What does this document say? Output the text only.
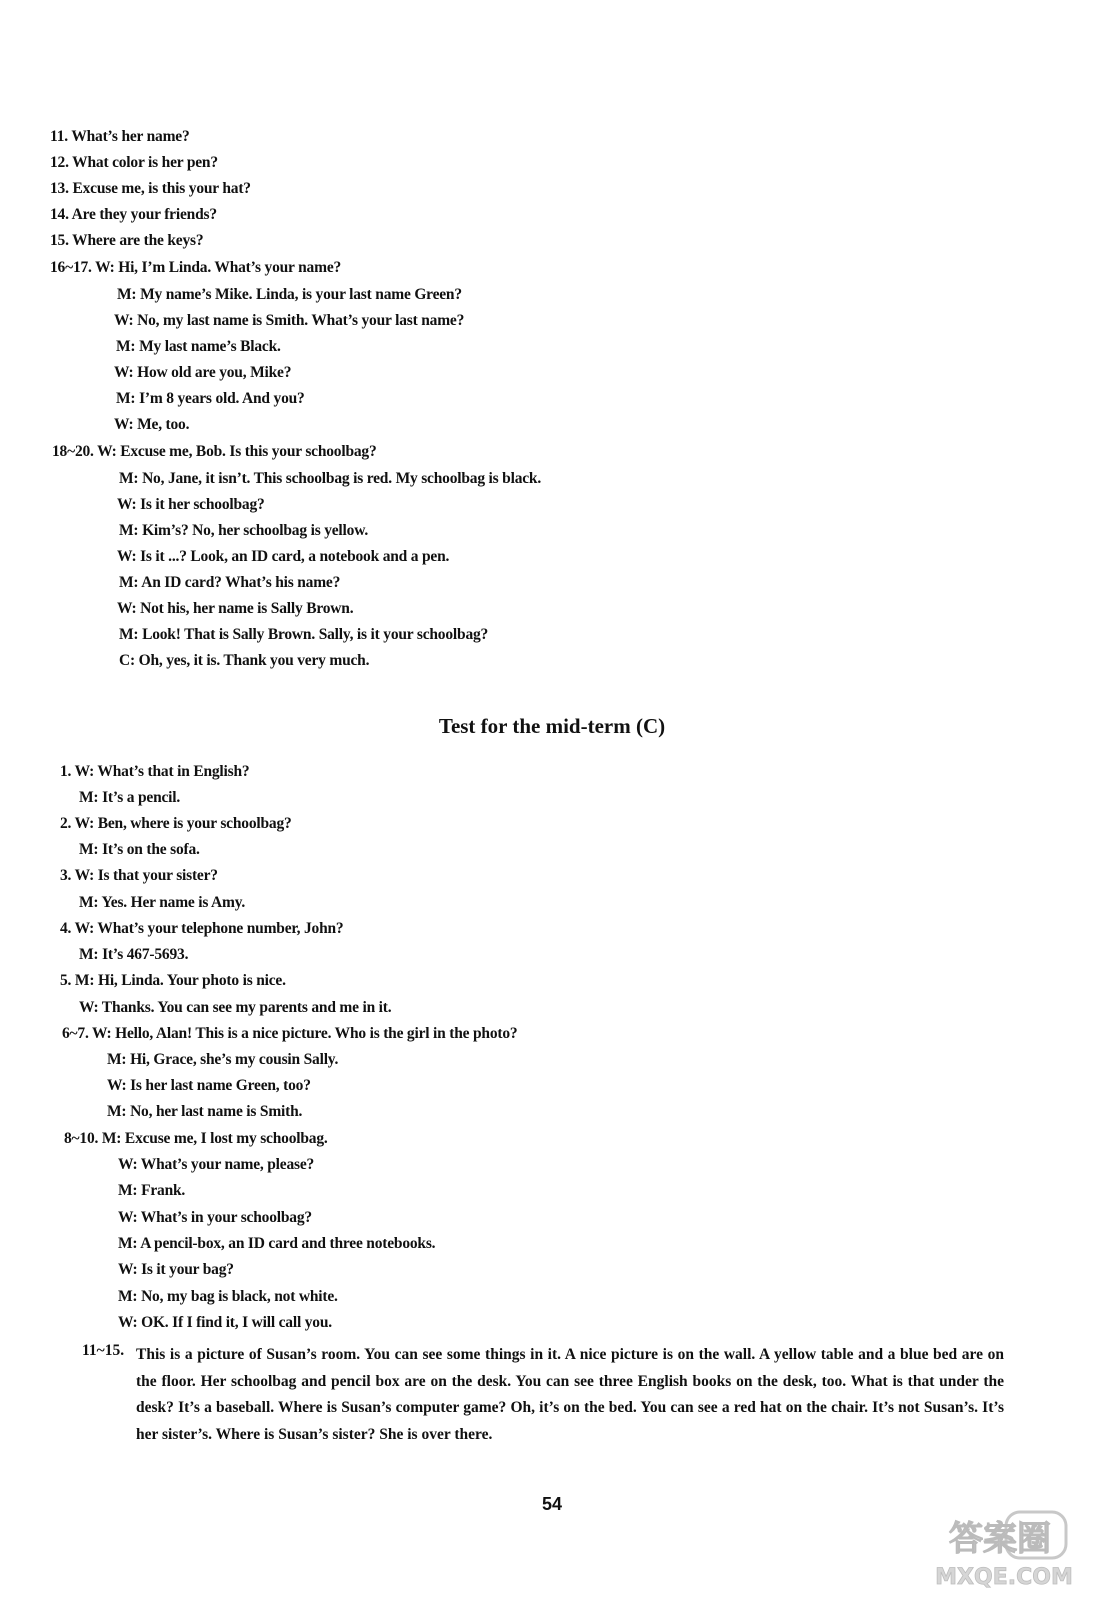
11. What’s her name?
12. What color is her pen?
13. Excuse me, is this your hat?
14. Are they your friends?
15. Where are the keys?
16~17. W: Hi, I’m Linda. What’s your name?
M: My name’s Mike. Linda, is your last name Green?
W: No, my last name is Smith. What’s your last name?
M: My last name’s Black.
W: How old are you, Mike?
M: I’m 8 years old. And you?
W: Me, too.
18~20. W: Excuse me, Bob. Is this your schoolbag?
M: No, Jane, it isn’t. This schoolbag is red. My schoolbag is black.
W: Is it her schoolbag?
M: Kim’s? No, her schoolbag is yellow.
W: Is it ...? Look, an ID card, a notebook and a pen.
M: An ID card? What’s his name?
W: Not his, her name is Sally Brown.
M: Look! That is Sally Brown. Sally, is it your schoolbag?
C: Oh, yes, it is. Thank you very much.
Test for the mid-term (C)
1. W: What’s that in English?
M: It’s a pencil.
2. W: Ben, where is your schoolbag?
M: It’s on the sofa.
3. W: Is that your sister?
M: Yes. Her name is Amy.
4. W: What’s your telephone number, John?
M: It’s 467-5693.
5. M: Hi, Linda. Your photo is nice.
W: Thanks. You can see my parents and me in it.
6~7. W: Hello, Alan! This is a nice picture. Who is the girl in the photo?
M: Hi, Grace, she’s my cousin Sally.
W: Is her last name Green, too?
M: No, her last name is Smith.
8~10. M: Excuse me, I lost my schoolbag.
W: What’s your name, please?
M: Frank.
W: What’s in your schoolbag?
M: A pencil-box, an ID card and three notebooks.
W: Is it your bag?
M: No, my bag is black, not white.
W: OK. If I find it, I will call you.
11~15. This is a picture of Susan’s room. You can see some things in it. A nice picture is on the wall. A yellow table and a blue bed are on the floor. Her schoolbag and pencil box are on the desk. You can see three English books on the desk, too. What is that under the desk? It’s a baseball. Where is Susan’s computer game? Oh, it’s on the bed. You can see a red hat on the chair. It’s not Susan’s. It’s her sister’s. Where is Susan’s sister? She is over there.
54
答案圈
MXQE.COM
